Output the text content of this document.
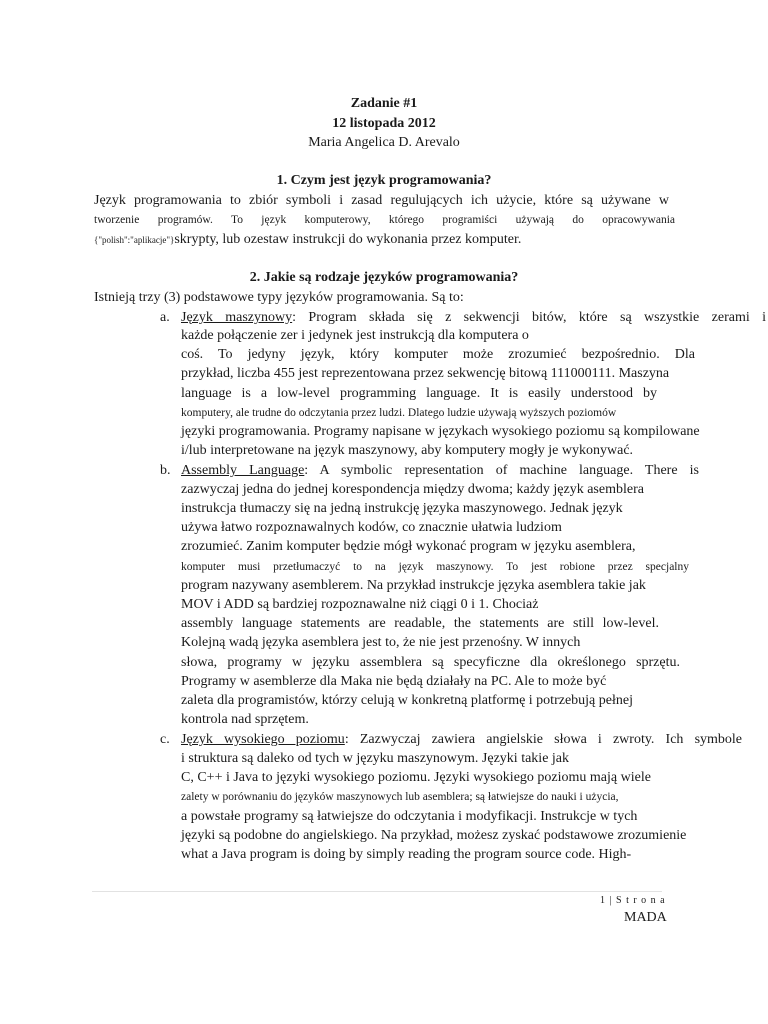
Zadanie #1
12 listopada 2012
Maria Angelica D. Arevalo
1. Czym jest język programowania?
Język programowania to zbiór symboli i zasad regulujących ich użycie, które są używane w
tworzenie programów. To język komputerowy, którego programiści używają do opracowywania
{"polish":"aplikacje"}skrypty, lub ozestaw instrukcji do wykonania przez komputer.
2. Jakie są rodzaje języków programowania?
Istnieją trzy (3) podstawowe typy języków programowania. Są to:
a. Język maszynowy: Program składa się z sekwencji bitów, które są wszystkie zerami i
każde połączenie zer i jedynek jest instrukcją dla komputera o
coś. To jedyny język, który komputer może zrozumieć bezpośrednio. Dla
przykład, liczba 455 jest reprezentowana przez sekwencję bitową 111000111. Maszyna
language is a low-level programming language. It is easily understood by
komputery, ale trudne do odczytania przez ludzi. Dlatego ludzie używają wyższych poziomów
języki programowania. Programy napisane w językach wysokiego poziomu są kompilowane
i/lub interpretowane na język maszynowy, aby komputery mogły je wykonywać.
b. Assembly Language: A symbolic representation of machine language. There is
zazwyczaj jedna do jednej korespondencja między dwoma; każdy język asemblera
instrukcja tłumaczy się na jedną instrukcję języka maszynowego. Jednak język
używa łatwo rozpoznawalnych kodów, co znacznie ułatwia ludziom
zrozumieć. Zanim komputer będzie mógł wykonać program w języku asemblera,
komputer musi przetłumaczyć to na język maszynowy. To jest robione przez specjalny
program nazywany asemblerem. Na przykład instrukcje języka asemblera takie jak
MOV i ADD są bardziej rozpoznawalne niż ciągi 0 i 1. Chociaż
assembly language statements are readable, the statements are still low-level.
Kolejną wadą języka asemblera jest to, że nie jest przenośny. W innych
słowa, programy w języku assemblera są specyficzne dla określonego sprzętu.
Programy w asemblerze dla Maka nie będą działały na PC. Ale to może być
zaleta dla programistów, którzy celują w konkretną platformę i potrzebują pełnej
kontrola nad sprzętem.
c. Język wysokiego poziomu: Zazwyczaj zawiera angielskie słowa i zwroty. Ich symbole
i struktura są daleko od tych w języku maszynowym. Języki takie jak
C, C++ i Java to języki wysokiego poziomu. Języki wysokiego poziomu mają wiele
zalety w porównaniu do języków maszynowych lub asemblera; są łatwiejsze do nauki i użycia,
a powstałe programy są łatwiejsze do odczytania i modyfikacji. Instrukcje w tych
języki są podobne do angielskiego. Na przykład, możesz zyskać podstawowe zrozumienie
what a Java program is doing by simply reading the program source code. High-
1 | S t r o n a
MADA
